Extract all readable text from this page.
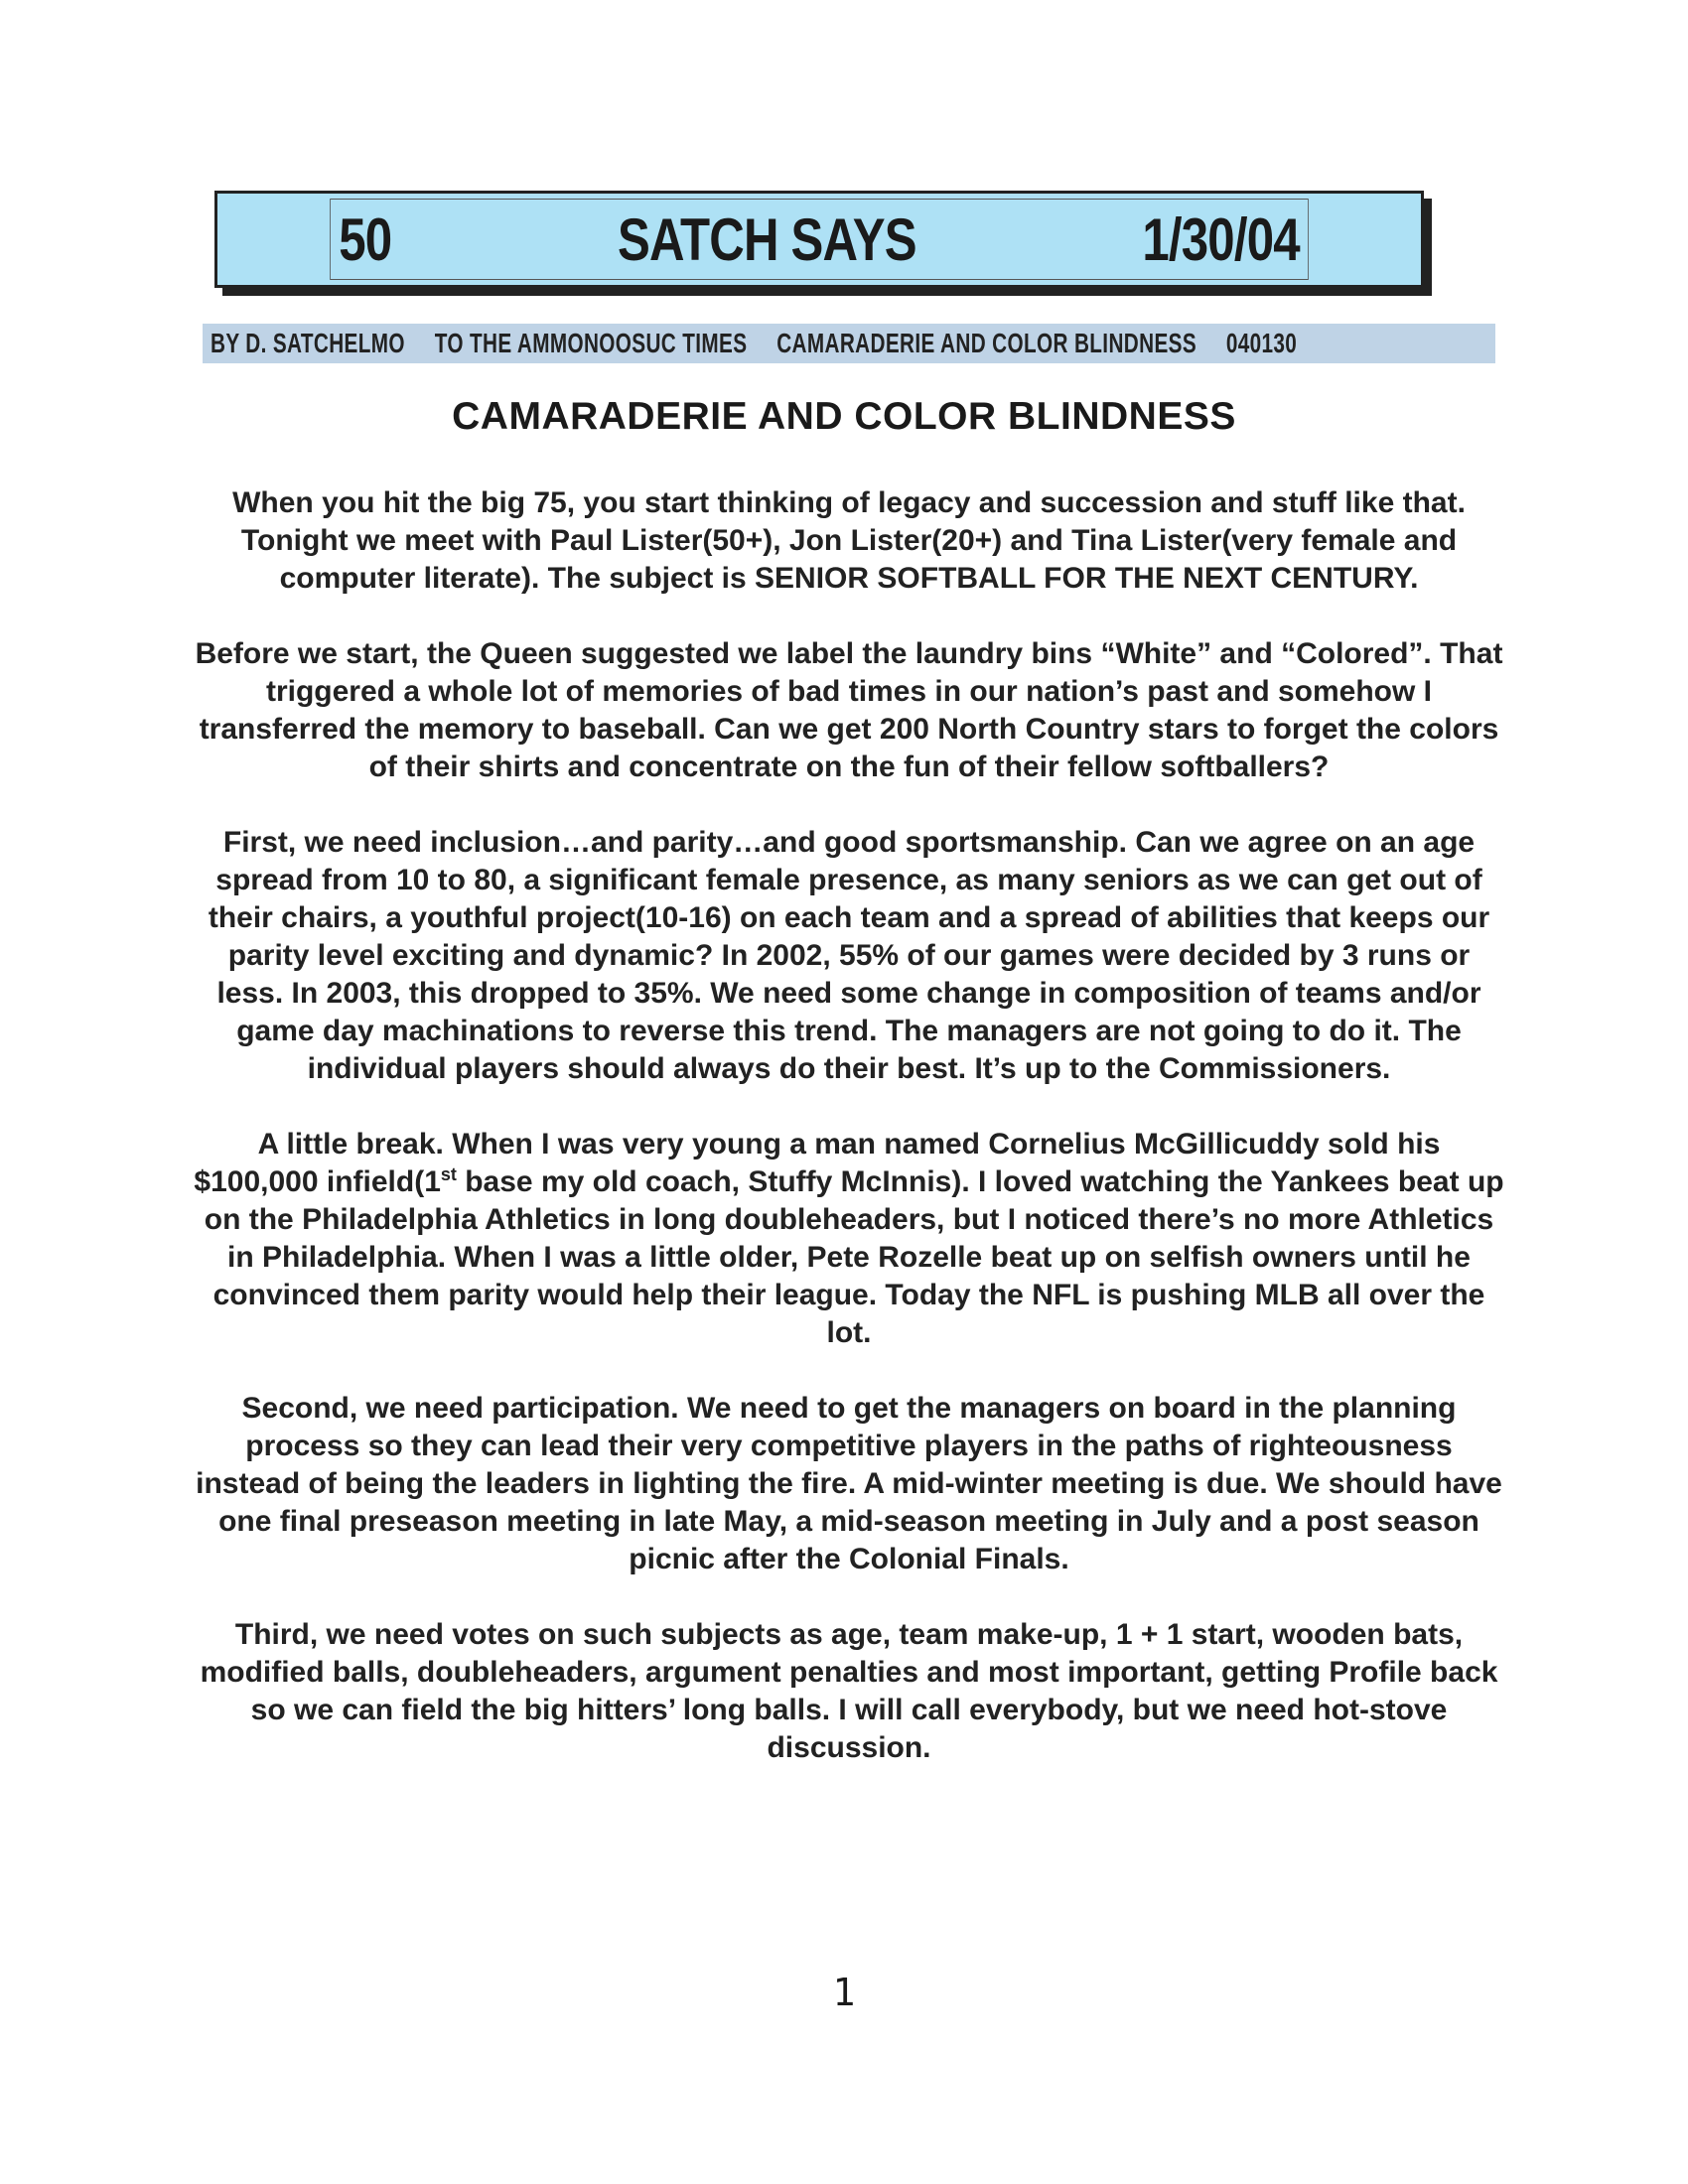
50	SATCH SAYS	1/30/04
BY D. SATCHELMO TO THE AMMONOOSUC TIMES CAMARADERIE AND COLOR BLINDNESS 040130
CAMARADERIE AND COLOR BLINDNESS

When you hit the big 75, you start thinking of legacy and succession and stuff like that. Tonight we meet with Paul Lister(50+), Jon Lister(20+) and Tina Lister(very female and computer literate). The subject is SENIOR SOFTBALL FOR THE NEXT CENTURY.

Before we start, the Queen suggested we label the laundry bins “White” and “Colored”. That triggered a whole lot of memories of bad times in our nation’s past and somehow I transferred the memory to baseball. Can we get 200 North Country stars to forget the colors of their shirts and concentrate on the fun of their fellow softballers?

First, we need inclusion…and parity…and good sportsmanship. Can we agree on an age spread from 10 to 80, a significant female presence, as many seniors as we can get out of their chairs, a youthful project(10-16) on each team and a spread of abilities that keeps our parity level exciting and dynamic? In 2002, 55% of our games were decided by 3 runs or less. In 2003, this dropped to 35%. We need some change in composition of teams and/or game day machinations to reverse this trend. The managers are not going to do it. The individual players should always do their best. It’s up to the Commissioners.

A little break. When I was very young a man named Cornelius McGillicuddy sold his $100,000 infield(1st base my old coach, Stuffy McInnis). I loved watching the Yankees beat up on the Philadelphia Athletics in long doubleheaders, but I noticed there’s no more Athletics in Philadelphia. When I was a little older, Pete Rozelle beat up on selfish owners until he convinced them parity would help their league. Today the NFL is pushing MLB all over the lot.

Second, we need participation. We need to get the managers on board in the planning process so they can lead their very competitive players in the paths of righteousness instead of being the leaders in lighting the fire. A mid-winter meeting is due. We should have one final preseason meeting in late May, a mid-season meeting in July and a post season picnic after the Colonial Finals.

Third, we need votes on such subjects as age, team make-up, 1 + 1 start, wooden bats, modified balls, doubleheaders, argument penalties and most important, getting Profile back so we can field the big hitters’ long balls. I will call everybody, but we need hot-stove discussion.

1
